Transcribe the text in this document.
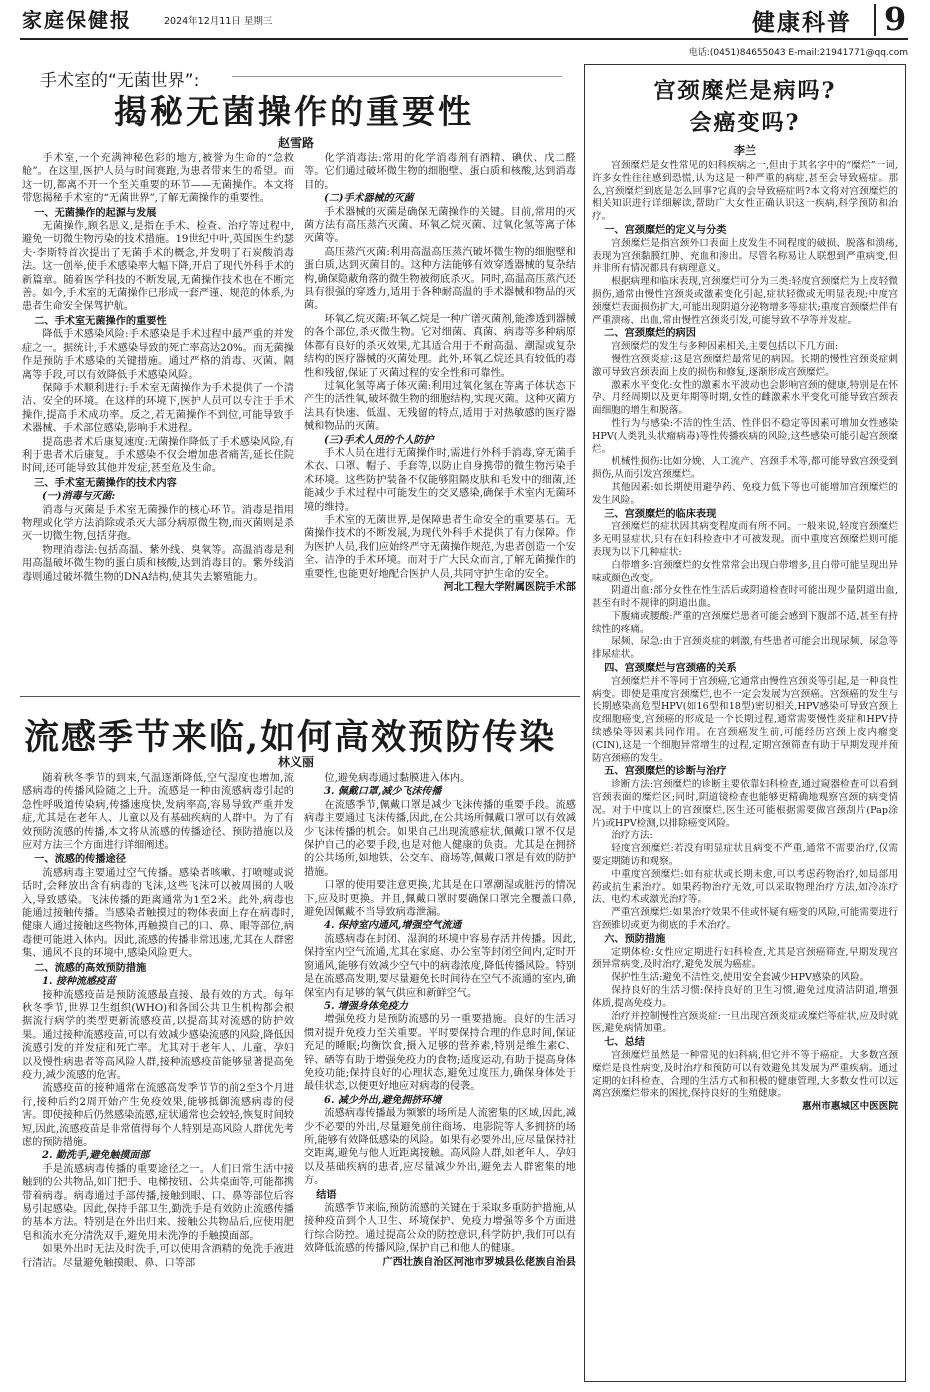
家庭保健报	2024年12月11日 星期三	健康科普 9
电话:(0451)84655043 E-mail:21941771@qq.com
手术室的“无菌世界”:
揭秘无菌操作的重要性
赵雪路

手术室,一个充满神秘色彩的地方,被誉为生命的“急救舱”。在这里,医护人员与时间赛跑,为患者带来生的希望。而这一切,都离不开一个至关重要的环节——无菌操作。本文将带您揭秘手术室的“无菌世界”,了解无菌操作的重要性。

一、无菌操作的起源与发展

无菌操作,顾名思义,是指在手术、检查、治疗等过程中,避免一切微生物污染的技术措施。19世纪中叶,英国医生约瑟夫·李斯特首次提出了无菌手术的概念,并发明了石炭酸消毒法。这一创举,使手术感染率大幅下降,开启了现代外科手术的新篇章。随着医学科技的不断发展,无菌操作技术也在不断完善。如今,手术室的无菌操作已形成一套严谨、规范的体系,为患者生命安全保驾护航。

二、手术室无菌操作的重要性

降低手术感染风险:手术感染是手术过程中最严重的并发症之一。据统计,手术感染导致的死亡率高达20%。而无菌操作是预防手术感染的关键措施。通过严格的消毒、灭菌、隔离等手段,可以有效降低手术感染风险。

保障手术顺利进行:手术室无菌操作为手术提供了一个清洁、安全的环境。在这样的环境下,医护人员可以专注于手术操作,提高手术成功率。反之,若无菌操作不到位,可能导致手术器械、手术部位感染,影响手术进程。

提高患者术后康复速度:无菌操作降低了手术感染风险,有利于患者术后康复。手术感染不仅会增加患者痛苦,延长住院时间,还可能导致其他并发症,甚至危及生命。

三、手术室无菌操作的技术内容
(一)消毒与灭菌:

消毒与灭菌是手术室无菌操作的核心环节。消毒是指用物理或化学方法消除或杀灭大部分病原微生物,而灭菌则是杀灭一切微生物,包括芽孢。

物理消毒法:包括高温、紫外线、臭氧等。高温消毒是利用高温破坏微生物的蛋白质和核酸,达到消毒目的。紫外线消毒则通过破坏微生物的DNA结构,使其失去繁殖能力。

化学消毒法:常用的化学消毒剂有酒精、碘伏、戊二醛等。它们通过破坏微生物的细胞壁、蛋白质和核酸,达到消毒目的。

(二)手术器械的灭菌

手术器械的灭菌是确保无菌操作的关键。目前,常用的灭菌方法有高压蒸汽灭菌、环氧乙烷灭菌、过氧化氢等离子体灭菌等。

高压蒸汽灭菌:利用高温高压蒸汽破坏微生物的细胞壁和蛋白质,达到灭菌目的。这种方法能够有效穿透器械的复杂结构,确保隐蔽角落的微生物被彻底杀灭。同时,高温高压蒸汽还具有很强的穿透力,适用于各种耐高温的手术器械和物品的灭菌。

环氧乙烷灭菌:环氧乙烷是一种广谱灭菌剂,能渗透到器械的各个部位,杀灭微生物。它对细菌、真菌、病毒等多种病原体都有良好的杀灭效果,尤其适合用于不耐高温、潮湿或复杂结构的医疗器械的灭菌处理。此外,环氧乙烷还具有较低的毒性和残留,保证了灭菌过程的安全性和可靠性。

过氧化氢等离子体灭菌:利用过氧化氢在等离子体状态下产生的活性氧,破坏微生物的细胞结构,实现灭菌。这种灭菌方法具有快速、低温、无残留的特点,适用于对热敏感的医疗器械和物品的灭菌。

(三)手术人员的个人防护

手术人员在进行无菌操作时,需进行外科手消毒,穿无菌手术衣、口罩、帽子、手套等,以防止自身携带的微生物污染手术环境。这些防护装备不仅能够阻隔皮肤和毛发中的细菌,还能减少手术过程中可能发生的交叉感染,确保手术室内无菌环境的维持。

手术室的无菌世界,是保障患者生命安全的重要基石。无菌操作技术的不断发展,为现代外科手术提供了有力保障。作为医护人员,我们应始终严守无菌操作规范,为患者创造一个安全、洁净的手术环境。而对于广大民众而言,了解无菌操作的重要性,也能更好地配合医护人员,共同守护生命的安全。

河北工程大学附属医院手术部

流感季节来临,如何高效预防传染
林义丽

随着秋冬季节的到来,气温逐渐降低,空气湿度也增加,流感病毒的传播风险随之上升。流感是一种由流感病毒引起的急性呼吸道传染病,传播速度快,发病率高,容易导致严重并发症,尤其是在老年人、儿童以及有基础疾病的人群中。为了有效预防流感的传播,本文将从流感的传播途径、预防措施以及应对方法三个方面进行详细阐述。

一、流感的传播途径

流感病毒主要通过空气传播。感染者咳嗽、打喷嚏或说话时,会释放出含有病毒的飞沫,这些飞沫可以被周围的人吸入,导致感染。飞沫传播的距离通常为1至2米。此外,病毒也能通过接触传播。当感染者触摸过的物体表面上存在病毒时,健康人通过接触这些物体,再触摸自己的口、鼻、眼等部位,病毒便可能进入体内。因此,流感的传播非常迅速,尤其在人群密集、通风不良的环境中,感染风险更大。

二、流感的高效预防措施
1. 接种流感疫苗

接种流感疫苗是预防流感最直接、最有效的方式。每年秋冬季节,世界卫生组织(WHO)和各国公共卫生机构都会根据流行病学的类型更新流感疫苗,以提高其对流感的防护效果。通过接种流感疫苗,可以有效减少感染流感的风险,降低因流感引发的并发症和死亡率。尤其对于老年人、儿童、孕妇以及慢性病患者等高风险人群,接种流感疫苗能够显著提高免疫力,减少流感的危害。

流感疫苗的接种通常在流感高发季节节的前2至3个月进行,接种后约2周开始产生免疫效果,能够抵御流感病毒的侵害。即使接种后仍然感染流感,症状通常也会较轻,恢复时间较短,因此,流感疫苗是非常值得每个人特别是高风险人群优先考虑的预防措施。

2. 勤洗手,避免触摸面部

手是流感病毒传播的重要途径之一。人们日常生活中接触到的公共物品,如门把手、电梯按钮、公共桌面等,可能都携带着病毒。病毒通过手部传播,接触到眼、口、鼻等部位后容易引起感染。因此,保持手部卫生,勤洗手是有效防止流感传播的基本方法。特别是在外出归来、接触公共物品后,应使用肥皂和流水充分清洗双手,避免用未洗净的手触摸面部。

如果外出时无法及时洗手,可以使用含酒精的免洗手液进行清洁。尽量避免触摸眼、鼻、口等部

位,避免病毒通过黏膜进入体内。

3. 佩戴口罩,减少飞沫传播

在流感季节,佩戴口罩是减少飞沫传播的重要手段。流感病毒主要通过飞沫传播,因此,在公共场所佩戴口罩可以有效减少飞沫传播的机会。如果自己出现流感症状,佩戴口罩不仅是保护自己的必要手段,也是对他人健康的负责。尤其是在拥挤的公共场所,如地铁、公交车、商场等,佩戴口罩是有效的防护措施。

口罩的使用要注意更换,尤其是在口罩潮湿或脏污的情况下,应及时更换。并且,佩戴口罩时要确保口罩完全覆盖口鼻,避免因佩戴不当导致病毒泄漏。

4. 保持室内通风,增强空气流通

流感病毒在封闭、湿润的环境中容易存活并传播。因此,保持室内空气流通,尤其在家庭、办公室等封闭空间内,定时开窗通风,能够有效减少空气中的病毒浓度,降低传播风险。特别是在流感高发期,要尽量避免长时间待在空气不流通的室内,确保室内有足够的氧气供应和新鲜空气。

5. 增强身体免疫力

增强免疫力是预防流感的另一重要措施。良好的生活习惯对提升免疫力至关重要。平时要保持合理的作息时间,保证充足的睡眠;均衡饮食,摄入足够的营养素,特别是维生素C、锌、硒等有助于增强免疫力的食物;适度运动,有助于提高身体免疫功能;保持良好的心理状态,避免过度压力,确保身体处于最佳状态,以便更好地应对病毒的侵袭。

6. 减少外出,避免拥挤环境

流感病毒传播最为频繁的场所是人流密集的区域,因此,减少不必要的外出,尽量避免前往商场、电影院等人多拥挤的场所,能够有效降低感染的风险。如果有必要外出,应尽量保持社交距离,避免与他人近距离接触。高风险人群,如老年人、孕妇以及基础疾病的患者,应尽量减少外出,避免去人群密集的地方。

结语

流感季节来临,预防流感的关键在于采取多重防护措施,从接种疫苗到个人卫生、环境保护、免疫力增强等多个方面进行综合防控。通过提高公众的防控意识,科学防护,我们可以有效降低流感的传播风险,保护自己和他人的健康。

广西壮族自治区河池市罗城县仫佬族自治县

宫颈糜烂是病吗?
会癌变吗?
李兰

宫颈糜烂是女性常见的妇科疾病之一,但由于其名字中的“糜烂”一词,许多女性往往感到恐慌,认为这是一种严重的病症,甚至会导致癌症。那么,宫颈糜烂到底是怎么回事?它真的会导致癌症吗?本文将对宫颈糜烂的相关知识进行详细解读,帮助广大女性正确认识这一疾病,科学预防和治疗。

一、宫颈糜烂的定义与分类

宫颈糜烂是指宫颈外口表面上皮发生不同程度的破损、脱落和溃疡,表现为宫颈黏膜红肿、充血和渗出。尽管名称易让人联想到严重病变,但并非所有情况都具有病理意义。

根据病理和临床表现,宫颈糜烂可分为三类:轻度宫颈糜烂为上皮轻微损伤,通常由慢性宫颈炎或激素变化引起,症状轻微或无明显表现;中度宫颈糜烂表面损伤扩大,可能出现阴道分泌物增多等症状;重度宫颈糜烂伴有严重溃疡、出血,常由慢性宫颈炎引发,可能导致不孕等并发症。

二、宫颈糜烂的病因

宫颈糜烂的发生与多种因素相关,主要包括以下几方面:

慢性宫颈炎症:这是宫颈糜烂最常见的病因。长期的慢性宫颈炎症刺激可导致宫颈表面上皮的损伤和修复,逐渐形成宫颈糜烂。

激素水平变化:女性的激素水平波动也会影响宫颈的健康,特别是在怀孕、月经周期以及更年期等时期,女性的雌激素水平变化可能导致宫颈表面细胞的增生和脱落。

性行为与感染:不洁的性生活、性伴侣不稳定等因素可增加女性感染HPV(人类乳头状瘤病毒)等性传播疾病的风险,这些感染可能引起宫颈糜烂。

机械性损伤:比如分娩、人工流产、宫颈手术等,都可能导致宫颈受到损伤,从而引发宫颈糜烂。

其他因素:如长期使用避孕药、免疫力低下等也可能增加宫颈糜烂的发生风险。

三、宫颈糜烂的临床表现

宫颈糜烂的症状因其病变程度而有所不同。一般来说,轻度宫颈糜烂多无明显症状,只有在妇科检查中才可被发现。而中重度宫颈糜烂则可能表现为以下几种症状:

白带增多:宫颈糜烂的女性常常会出现白带增多,且白带可能呈现出异味或颜色改变。

阴道出血:部分女性在性生活后或阴道检查时可能出现少量阴道出血,甚至有时不规律的阴道出血。

下腹痛或腰酸:严重的宫颈糜烂患者可能会感到下腹部不适,甚至有持续性的疼痛。

尿频、尿急:由于宫颈炎症的刺激,有些患者可能会出现尿频、尿急等排尿症状。

四、宫颈糜烂与宫颈癌的关系

宫颈糜烂并不等同于宫颈癌,它通常由慢性宫颈炎等引起,是一种良性病变。即使是重度宫颈糜烂,也不一定会发展为宫颈癌。宫颈癌的发生与长期感染高危型HPV(如16型和18型)密切相关,HPV感染可导致宫颈上皮细胞癌变,宫颈癌的形成是一个长期过程,通常需要慢性炎症和HPV持续感染等因素共同作用。在宫颈癌发生前,可能经历宫颈上皮内瘤变(CIN),这是一个细胞异常增生的过程,定期宫颈筛查有助于早期发现并预防宫颈癌的发生。

五、宫颈糜烂的诊断与治疗

诊断方法:宫颈糜烂的诊断主要依靠妇科检查,通过窥器检查可以看到宫颈表面的糜烂区;同时,阴道镜检查也能够更精确地观察宫颈的病变情况。对于中度以上的宫颈糜烂,医生还可能根据需要做宫颈刮片(Pap涂片)或HPV检测,以排除癌变风险。

治疗方法:

轻度宫颈糜烂:若没有明显症状且病变不严重,通常不需要治疗,仅需要定期随访和观察。

中重度宫颈糜烂:如有症状或长期未愈,可以考虑药物治疗,如局部用药或抗生素治疗。如果药物治疗无效,可以采取物理治疗方法,如冷冻疗法、电灼术或激光治疗等。

严重宫颈糜烂:如果治疗效果不佳或怀疑有癌变的风险,可能需要进行宫颈锥切或更为彻底的手术治疗。

六、预防措施

定期体检:女性应定期进行妇科检查,尤其是宫颈癌筛查,早期发现宫颈异常病变,及时治疗,避免发展为癌症。

保护性生活:避免不洁性交,使用安全套减少HPV感染的风险。

保持良好的生活习惯:保持良好的卫生习惯,避免过度清洁阴道,增强体质,提高免疫力。

治疗并控制慢性宫颈炎症:一旦出现宫颈炎症或糜烂等症状,应及时就医,避免病情加重。

七、总结

宫颈糜烂虽然是一种常见的妇科病,但它并不等于癌症。大多数宫颈糜烂是良性病变,及时治疗和预防可以有效避免其发展为严重疾病。通过定期的妇科检查、合理的生活方式和积极的健康管理,大多数女性可以远离宫颈糜烂带来的困扰,保持良好的生殖健康。

惠州市惠城区中医医院
